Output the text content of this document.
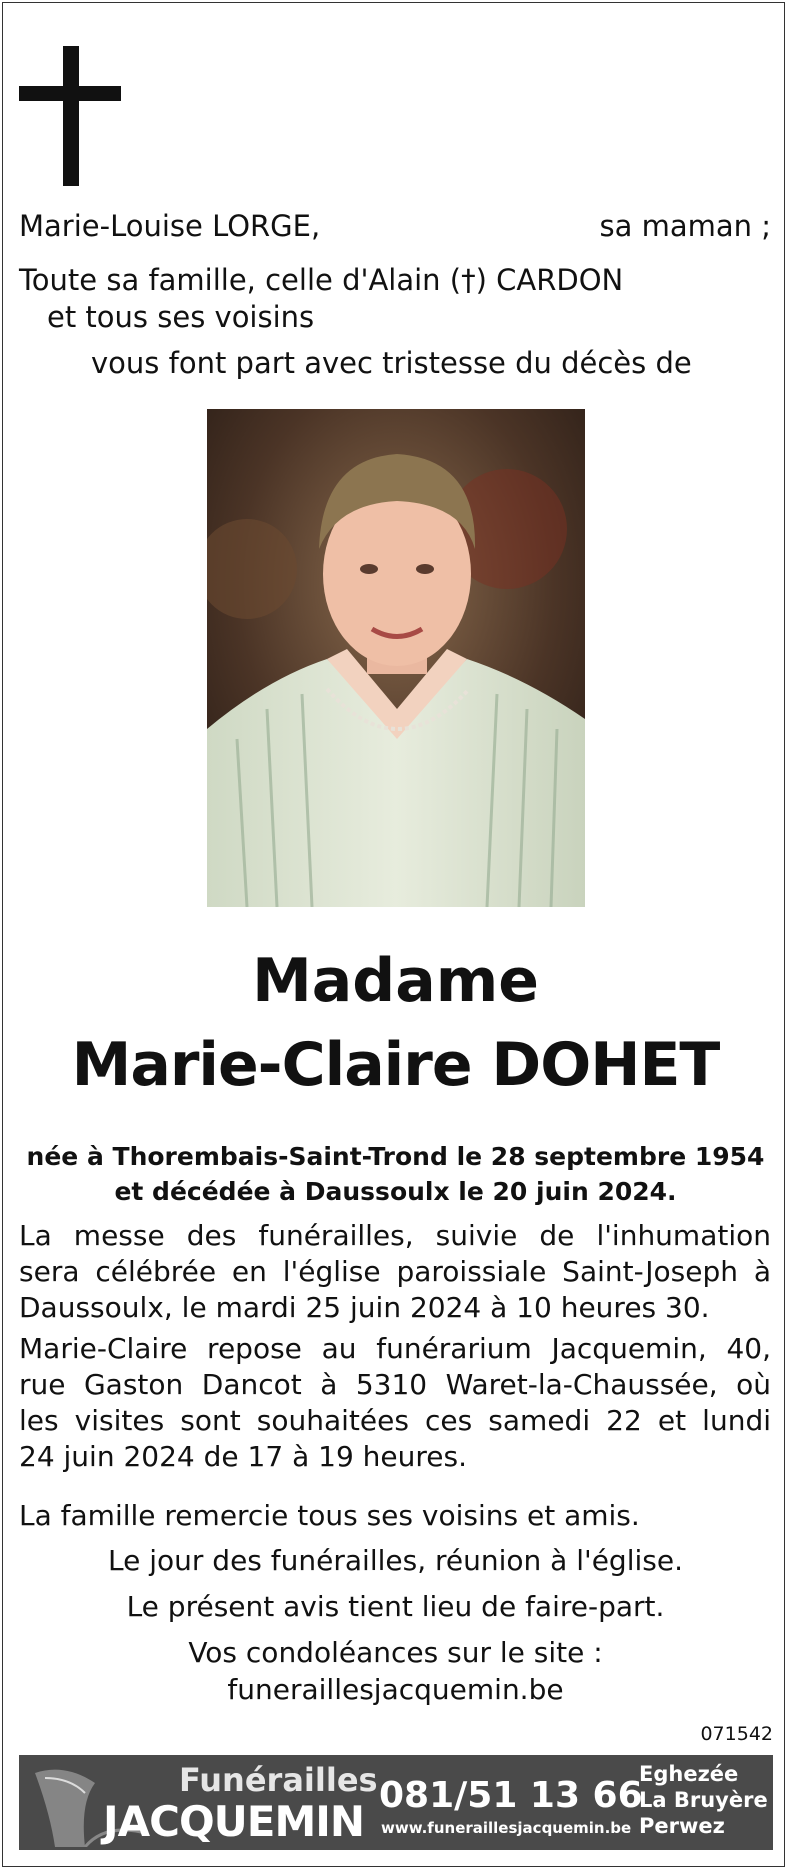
Marie-Louise LORGE,	sa maman ;
Toute sa famille, celle d'Alain (†) CARDON
et tous ses voisins
vous font part avec tristesse du décès de
Madame
Marie-Claire DOHET
née à Thorembais-Saint-Trond le 28 septembre 1954
et décédée à Daussoulx le 20 juin 2024.
La messe des funérailles, suivie de l'inhumation
sera célébrée en l'église paroissiale Saint-Joseph à
Daussoulx, le mardi 25 juin 2024 à 10 heures 30.
Marie-Claire repose au funérarium Jacquemin, 40,
rue Gaston Dancot à 5310 Waret-la-Chaussée, où
les visites sont souhaitées ces samedi 22 et lundi
24 juin 2024 de 17 à 19 heures.
La famille remercie tous ses voisins et amis.
Le jour des funérailles, réunion à l'église.
Le présent avis tient lieu de faire-part.
Vos condoléances sur le site :
funeraillesjacquemin.be
071542
Funérailles
JACQUEMIN
081/51 13 66
www.funeraillesjacquemin.be
Eghezée
La Bruyère
Perwez
